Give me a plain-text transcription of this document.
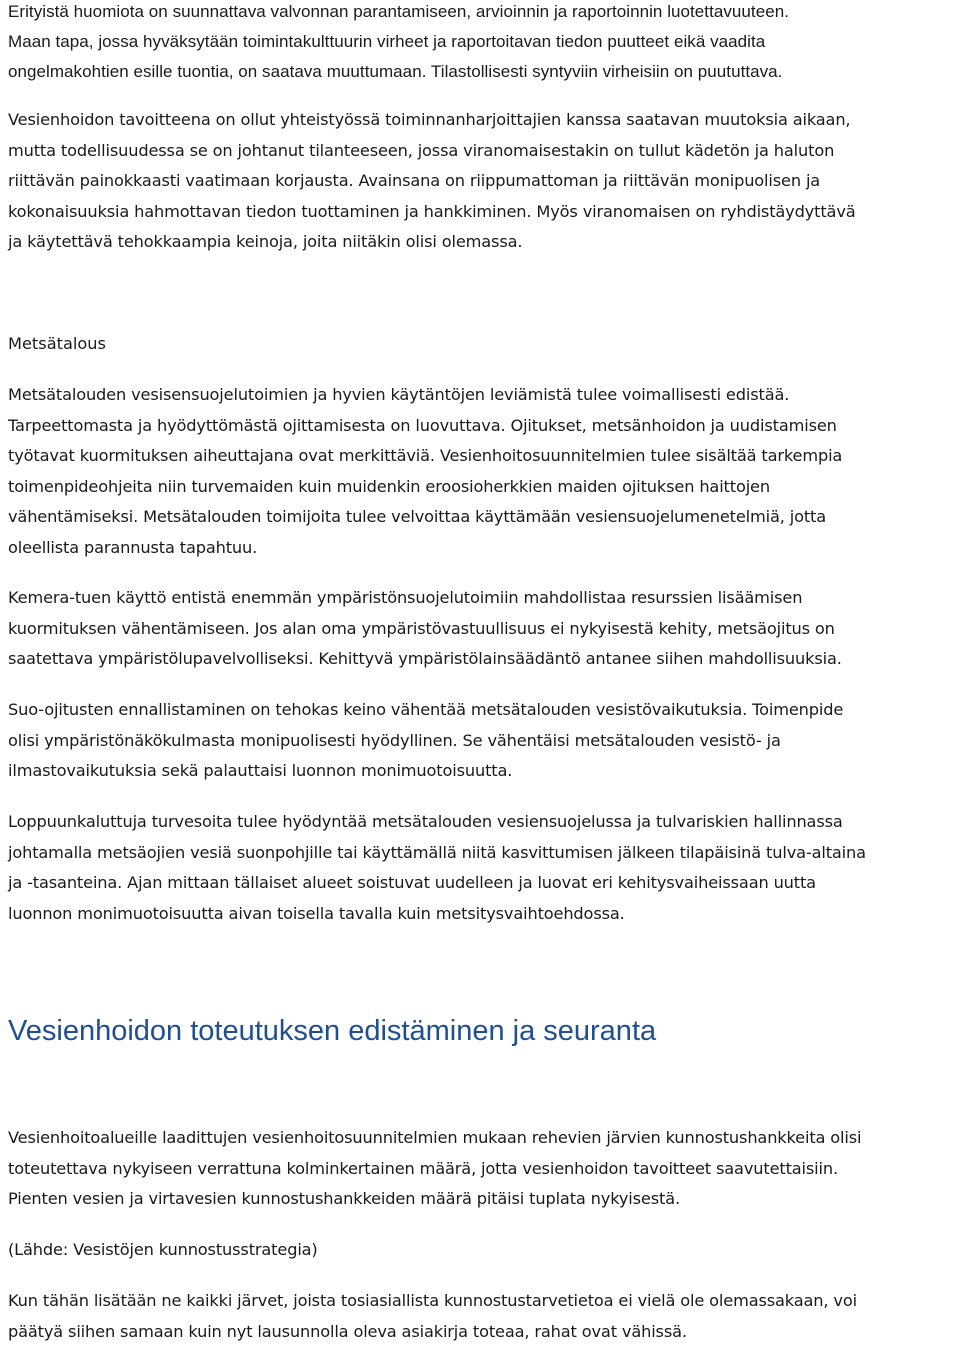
Erityistä huomiota on suunnattava valvonnan parantamiseen, arvioinnin ja raportoinnin luotettavuuteen.
Maan tapa, jossa hyväksytään toimintakulttuurin virheet ja raportoitavan tiedon puutteet eikä vaadita
ongelmakohtien esille tuontia, on saatava muuttumaan. Tilastollisesti syntyviin virheisiin on puututtava.

Vesienhoidon tavoitteena on ollut yhteistyössä toiminnanharjoittajien kanssa saatavan muutoksia aikaan,
mutta todellisuudessa se on johtanut tilanteeseen, jossa viranomaisestakin on tullut kädetön ja haluton
riittävän painokkaasti vaatimaan korjausta. Avainsana on riippumattoman ja riittävän monipuolisen ja
kokonaisuuksia hahmottavan tiedon tuottaminen ja hankkiminen. Myös viranomaisen on ryhdistäydyttävä
ja käytettävä tehokkaampia keinoja, joita niitäkin olisi olemassa.

Metsätalous

Metsätalouden vesisensuojelutoimien ja hyvien käytäntöjen leviämistä tulee voimallisesti edistää.
Tarpeettomasta ja hyödyttömästä ojittamisesta on luovuttava. Ojitukset, metsänhoidon ja uudistamisen
työtavat kuormituksen aiheuttajana ovat merkittäviä. Vesienhoitosuunnitelmien tulee sisältää tarkempia
toimenpideohjeita niin turvemaiden kuin muidenkin eroosioherkkien maiden ojituksen haittojen
vähentämiseksi. Metsätalouden toimijoita tulee velvoittaa käyttämään vesiensuojelumenetelmiä, jotta
oleellista parannusta tapahtuu.

Kemera-tuen käyttö entistä enemmän ympäristönsuojelutoimiin mahdollistaa resurssien lisäämisen
kuormituksen vähentämiseen. Jos alan oma ympäristövastuullisuus ei nykyisestä kehity, metsäojitus on
saatettava ympäristölupavelvolliseksi. Kehittyvä ympäristölainsäädäntö antanee siihen mahdollisuuksia.

Suo-ojitusten ennallistaminen on tehokas keino vähentää metsätalouden vesistövaikutuksia. Toimenpide
olisi ympäristönäkökulmasta monipuolisesti hyödyllinen. Se vähentäisi metsätalouden vesistö- ja
ilmastovaikutuksia sekä palauttaisi luonnon monimuotoisuutta.

Loppuunkaluttuja turvesoita tulee hyödyntää metsätalouden vesiensuojelussa ja tulvariskien hallinnassa
johtamalla metsäojien vesiä suonpohjille tai käyttämällä niitä kasvittumisen jälkeen tilapäisinä tulva-altaina
ja -tasanteina. Ajan mittaan tällaiset alueet soistuvat uudelleen ja luovat eri kehitysvaiheissaan uutta
luonnon monimuotoisuutta aivan toisella tavalla kuin metsitysvaihtoehdossa.

Vesienhoidon toteutuksen edistäminen ja seuranta

Vesienhoitoalueille laadittujen vesienhoitosuunnitelmien mukaan rehevien järvien kunnostushankkeita olisi
toteutettava nykyiseen verrattuna kolminkertainen määrä, jotta vesienhoidon tavoitteet saavutettaisiin.
Pienten vesien ja virtavesien kunnostushankkeiden määrä pitäisi tuplata nykyisestä.

(Lähde: Vesistöjen kunnostusstrategia)

Kun tähän lisätään ne kaikki järvet, joista tosiasiallista kunnostustarvetietoa ei vielä ole olemassakaan, voi
päätyä siihen samaan kuin nyt lausunnolla oleva asiakirja toteaa, rahat ovat vähissä.
